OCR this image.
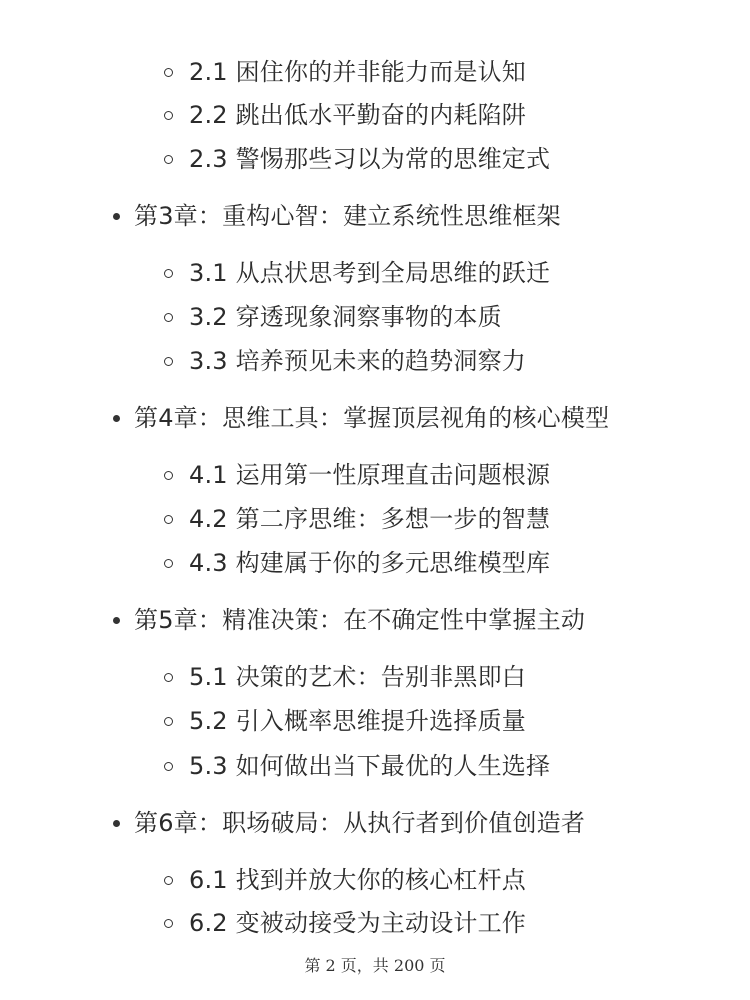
2.1 困住你的并非能力而是认知
2.2 跳出低水平勤奋的内耗陷阱
2.3 警惕那些习以为常的思维定式
第3章：重构心智：建立系统性思维框架
3.1 从点状思考到全局思维的跃迁
3.2 穿透现象洞察事物的本质
3.3 培养预见未来的趋势洞察力
第4章：思维工具：掌握顶层视角的核心模型
4.1 运用第一性原理直击问题根源
4.2 第二序思维：多想一步的智慧
4.3 构建属于你的多元思维模型库
第5章：精准决策：在不确定性中掌握主动
5.1 决策的艺术：告别非黑即白
5.2 引入概率思维提升选择质量
5.3 如何做出当下最优的人生选择
第6章：职场破局：从执行者到价值创造者
6.1 找到并放大你的核心杠杆点
6.2 变被动接受为主动设计工作
第 2 页，共 200 页
